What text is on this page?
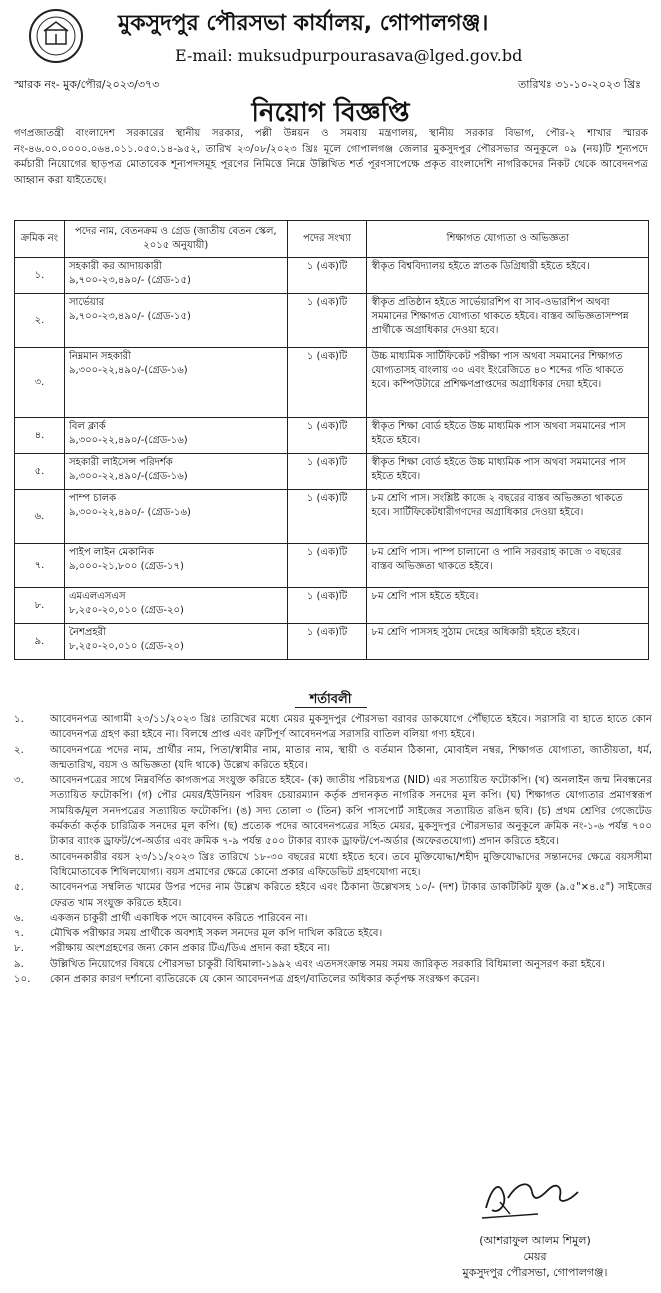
মুকসুদপুর পৌরসভা কার্যালয়, গোপালগঞ্জ।
E-mail: muksudpurpourasava@lged.gov.bd
স্মারক নং- মুক/পৌর/২০২৩/৩৭৩	তারিখঃ ৩১-১০-২০২৩ খ্রিঃ
নিয়োগ বিজ্ঞপ্তি
গণপ্রজাতন্ত্রী বাংলাদেশ সরকারের স্থানীয় সরকার, পল্লী উন্নয়ন ও সমবায় মন্ত্রণালয়, স্থানীয় সরকার বিভাগ, পৌর-২ শাখার স্মারক নং-৪৬.০০.০০০০.০৬৪.০১১.০৫০.১৪-৯৫২, তারিখ ২৩/০৮/২০২৩ খ্রিঃ মূলে গোপালগঞ্জ জেলার মুকসুদপুর পৌরসভার অনুকূলে ০৯ (নয়)টি শূন্যপদে কর্মচারী নিয়োগের ছাড়পত্র মোতাবেক শূন্যপদসমূহ পূরণের নিমিত্তে নিম্নে উল্লিখিত শর্ত পূরণসাপেক্ষে প্রকৃত বাংলাদেশি নাগরিকদের নিকট থেকে আবেদনপত্র আহ্বান করা যাইতেছে।
ক্রমিক নং	পদের নাম, বেতনক্রম ও গ্রেড (জাতীয় বেতন স্কেল, ২০১৫ অনুযায়ী)	পদের সংখ্যা	শিক্ষাগত যোগ্যতা ও অভিজ্ঞতা
১.	সহকারী কর আদায়কারী
৯,৭০০-২৩,৪৯০/- (গ্রেড-১৫)	১ (এক)টি	স্বীকৃত বিশ্ববিদ্যালয় হইতে স্নাতক ডিগ্রিধারী হইতে হইবে।
২.	সার্ভেয়ার
৯,৭০০-২৩,৪৯০/- (গ্রেড-১৫)	১ (এক)টি	স্বীকৃত প্রতিষ্ঠান হইতে সার্ভেয়ারশিপ বা সাব-ওভারশিপ অথবা সমমানের শিক্ষাগত যোগ্যতা থাকতে হইবে। বাস্তব অভিজ্ঞতাসম্পন্ন প্রার্থীকে অগ্রাধিকার দেওয়া হবে।
৩.	নিম্নমান সহকারী
৯,৩০০-২২,৪৯০/-(গ্রেড-১৬)	১ (এক)টি	উচ্চ মাধ্যমিক সার্টিফিকেট পরীক্ষা পাস অথবা সমমানের শিক্ষাগত যোগ্যতাসহ বাংলায় ৩০ এবং ইংরেজিতে ৪০ শব্দের গতি থাকতে হবে। কম্পিউটারে প্রশিক্ষণপ্রাপ্তদের অগ্রাধিকার দেয়া হইবে।
৪.	বিল ক্লার্ক
৯,৩০০-২২,৪৯০/-(গ্রেড-১৬)	১ (এক)টি	স্বীকৃত শিক্ষা বোর্ড হইতে উচ্চ মাধ্যমিক পাস অথবা সমমানের পাস হইতে হইবে।
৫.	সহকারী লাইসেন্স পরিদর্শক
৯,৩০০-২২,৪৯০/-(গ্রেড-১৬)	১ (এক)টি	স্বীকৃত শিক্ষা বোর্ড হইতে উচ্চ মাধ্যমিক পাস অথবা সমমানের পাস হইতে হইবে।
৬.	পাম্প চালক
৯,৩০০-২২,৪৯০/- (গ্রেড-১৬)	১ (এক)টি	৮ম শ্রেণি পাস। সংশ্লিষ্ট কাজে ২ বছরের বাস্তব অভিজ্ঞতা থাকতে হবে। সার্টিফিকেটধারীগণদের অগ্রাধিকার দেওয়া হইবে।
৭.	পাইপ লাইন মেকানিক
৯,০০০-২১,৮০০ (গ্রেড-১৭)	১ (এক)টি	৮ম শ্রেণি পাস। পাম্প চালানো ও পানি সরবরাহ কাজে ৩ বছরের বাস্তব অভিজ্ঞতা থাকতে হইবে।
৮.	এমএলএসএস
৮,২৫০-২০,০১০ (গ্রেড-২০)	১ (এক)টি	৮ম শ্রেণি পাস হইতে হইবে।
৯.	নৈশপ্রহরী
৮,২৫০-২০,০১০ (গ্রেড-২০)	১ (এক)টি	৮ম শ্রেণি পাসসহ সুঠাম দেহের অধিকারী হইতে হইবে।
শর্তাবলী
১.	আবেদনপত্র আগামী ২৩/১১/২০২৩ খ্রিঃ তারিখের মধ্যে মেয়র মুকসুদপুর পৌরসভা বরাবর ডাকযোগে পৌঁছাতে হইবে। সরাসরি বা হাতে হাতে কোন আবেদনপত্র গ্রহণ করা হইবে না। বিলম্বে প্রাপ্ত এবং ত্রুটিপূর্ণ আবেদনপত্র সরাসরি বাতিল বলিয়া গণ্য হইবে।
২.	আবেদনপত্রে পদের নাম, প্রার্থীর নাম, পিতা/স্বামীর নাম, মাতার নাম, স্থায়ী ও বর্তমান ঠিকানা, মোবাইল নম্বর, শিক্ষাগত যোগ্যতা, জাতীয়তা, ধর্ম, জন্মতারিখ, বয়স ও অভিজ্ঞতা (যদি থাকে) উল্লেখ করিতে হইবে।
৩.	আবেদনপত্রের সাথে নিম্নবর্ণিত কাগজপত্র সংযুক্ত করিতে হইবে- (ক) জাতীয় পরিচয়পত্র (NID) এর সত্যায়িত ফটোকপি। (খ) অনলাইন জন্ম নিবন্ধনের সত্যায়িত ফটোকপি। (গ) পৌর মেয়র/ইউনিয়ন পরিষদ চেয়ারম্যান কর্তৃক প্রদানকৃত নাগরিক সনদের মূল কপি। (ঘ) শিক্ষাগত যোগ্যতার প্রমাণস্বরূপ সাময়িক/মূল সনদপত্রের সত্যায়িত ফটোকপি। (ঙ) সদ্য তোলা ৩ (তিন) কপি পাসপোর্ট সাইজের সত্যায়িত রঙিন ছবি। (চ) প্রথম শ্রেণির গেজেটেড কর্মকর্তা কর্তৃক চারিত্রিক সনদের মূল কপি। (ছ) প্রত্যেক পদের আবেদনপত্রের সহিত মেয়র, মুকসুদপুর পৌরসভার অনুকূলে ক্রমিক নং-১-৬ পর্যন্ত ৭০০ টাকার ব্যাংক ড্রাফট/পে-অর্ডার এবং ক্রমিক ৭-৯ পর্যন্ত ৫০০ টাকার ব্যাংক ড্রাফট/পে-অর্ডার (অফেরতযোগ্য) প্রদান করিতে হইবে।
৪.	আবেদনকারীর বয়স ২৩/১১/২০২৩ খ্রিঃ তারিখে ১৮-৩০ বছরের মধ্যে হইতে হবে। তবে মুক্তিযোদ্ধা/শহীদ মুক্তিযোদ্ধাদের সন্তানদের ক্ষেত্রে বয়সসীমা বিধিমোতাবেক শিথিলযোগ্য। বয়স প্রমাণের ক্ষেত্রে কোনো প্রকার এফিডেভিট গ্রহণযোগ্য নহে।
৫.	আবেদনপত্র সম্বলিত খামের উপর পদের নাম উল্লেখ করিতে হইবে এবং ঠিকানা উল্লেখসহ ১০/- (দশ) টাকার ডাকটিকিট যুক্ত (৯.৫"×৪.৫") সাইজের ফেরত খাম সংযুক্ত করিতে হইবে।
৬.	একজন চাকুরী প্রার্থী একাধিক পদে আবেদন করিতে পারিবেন না।
৭.	মৌখিক পরীক্ষার সময় প্রার্থীকে অবশ্যই সকল সনদের মূল কপি দাখিল করিতে হইবে।
৮.	পরীক্ষায় অংশগ্রহণের জন্য কোন প্রকার টিএ/ডিএ প্রদান করা হইবে না।
৯.	উল্লিখিত নিয়োগের বিষয়ে পৌরসভা চাকুরী বিধিমালা-১৯৯২ এবং এতদসংক্রান্ত সময় সময় জারিকৃত সরকারি বিধিমালা অনুসরণ করা হইবে।
১০.	কোন প্রকার কারণ দর্শানো ব্যতিরেকে যে কোন আবেদনপত্র গ্রহণ/বাতিলের অধিকার কর্তৃপক্ষ সংরক্ষণ করেন।
(আশরাফুল আলম শিমুল)
মেয়র
মুকসুদপুর পৌরসভা, গোপালগঞ্জ।
